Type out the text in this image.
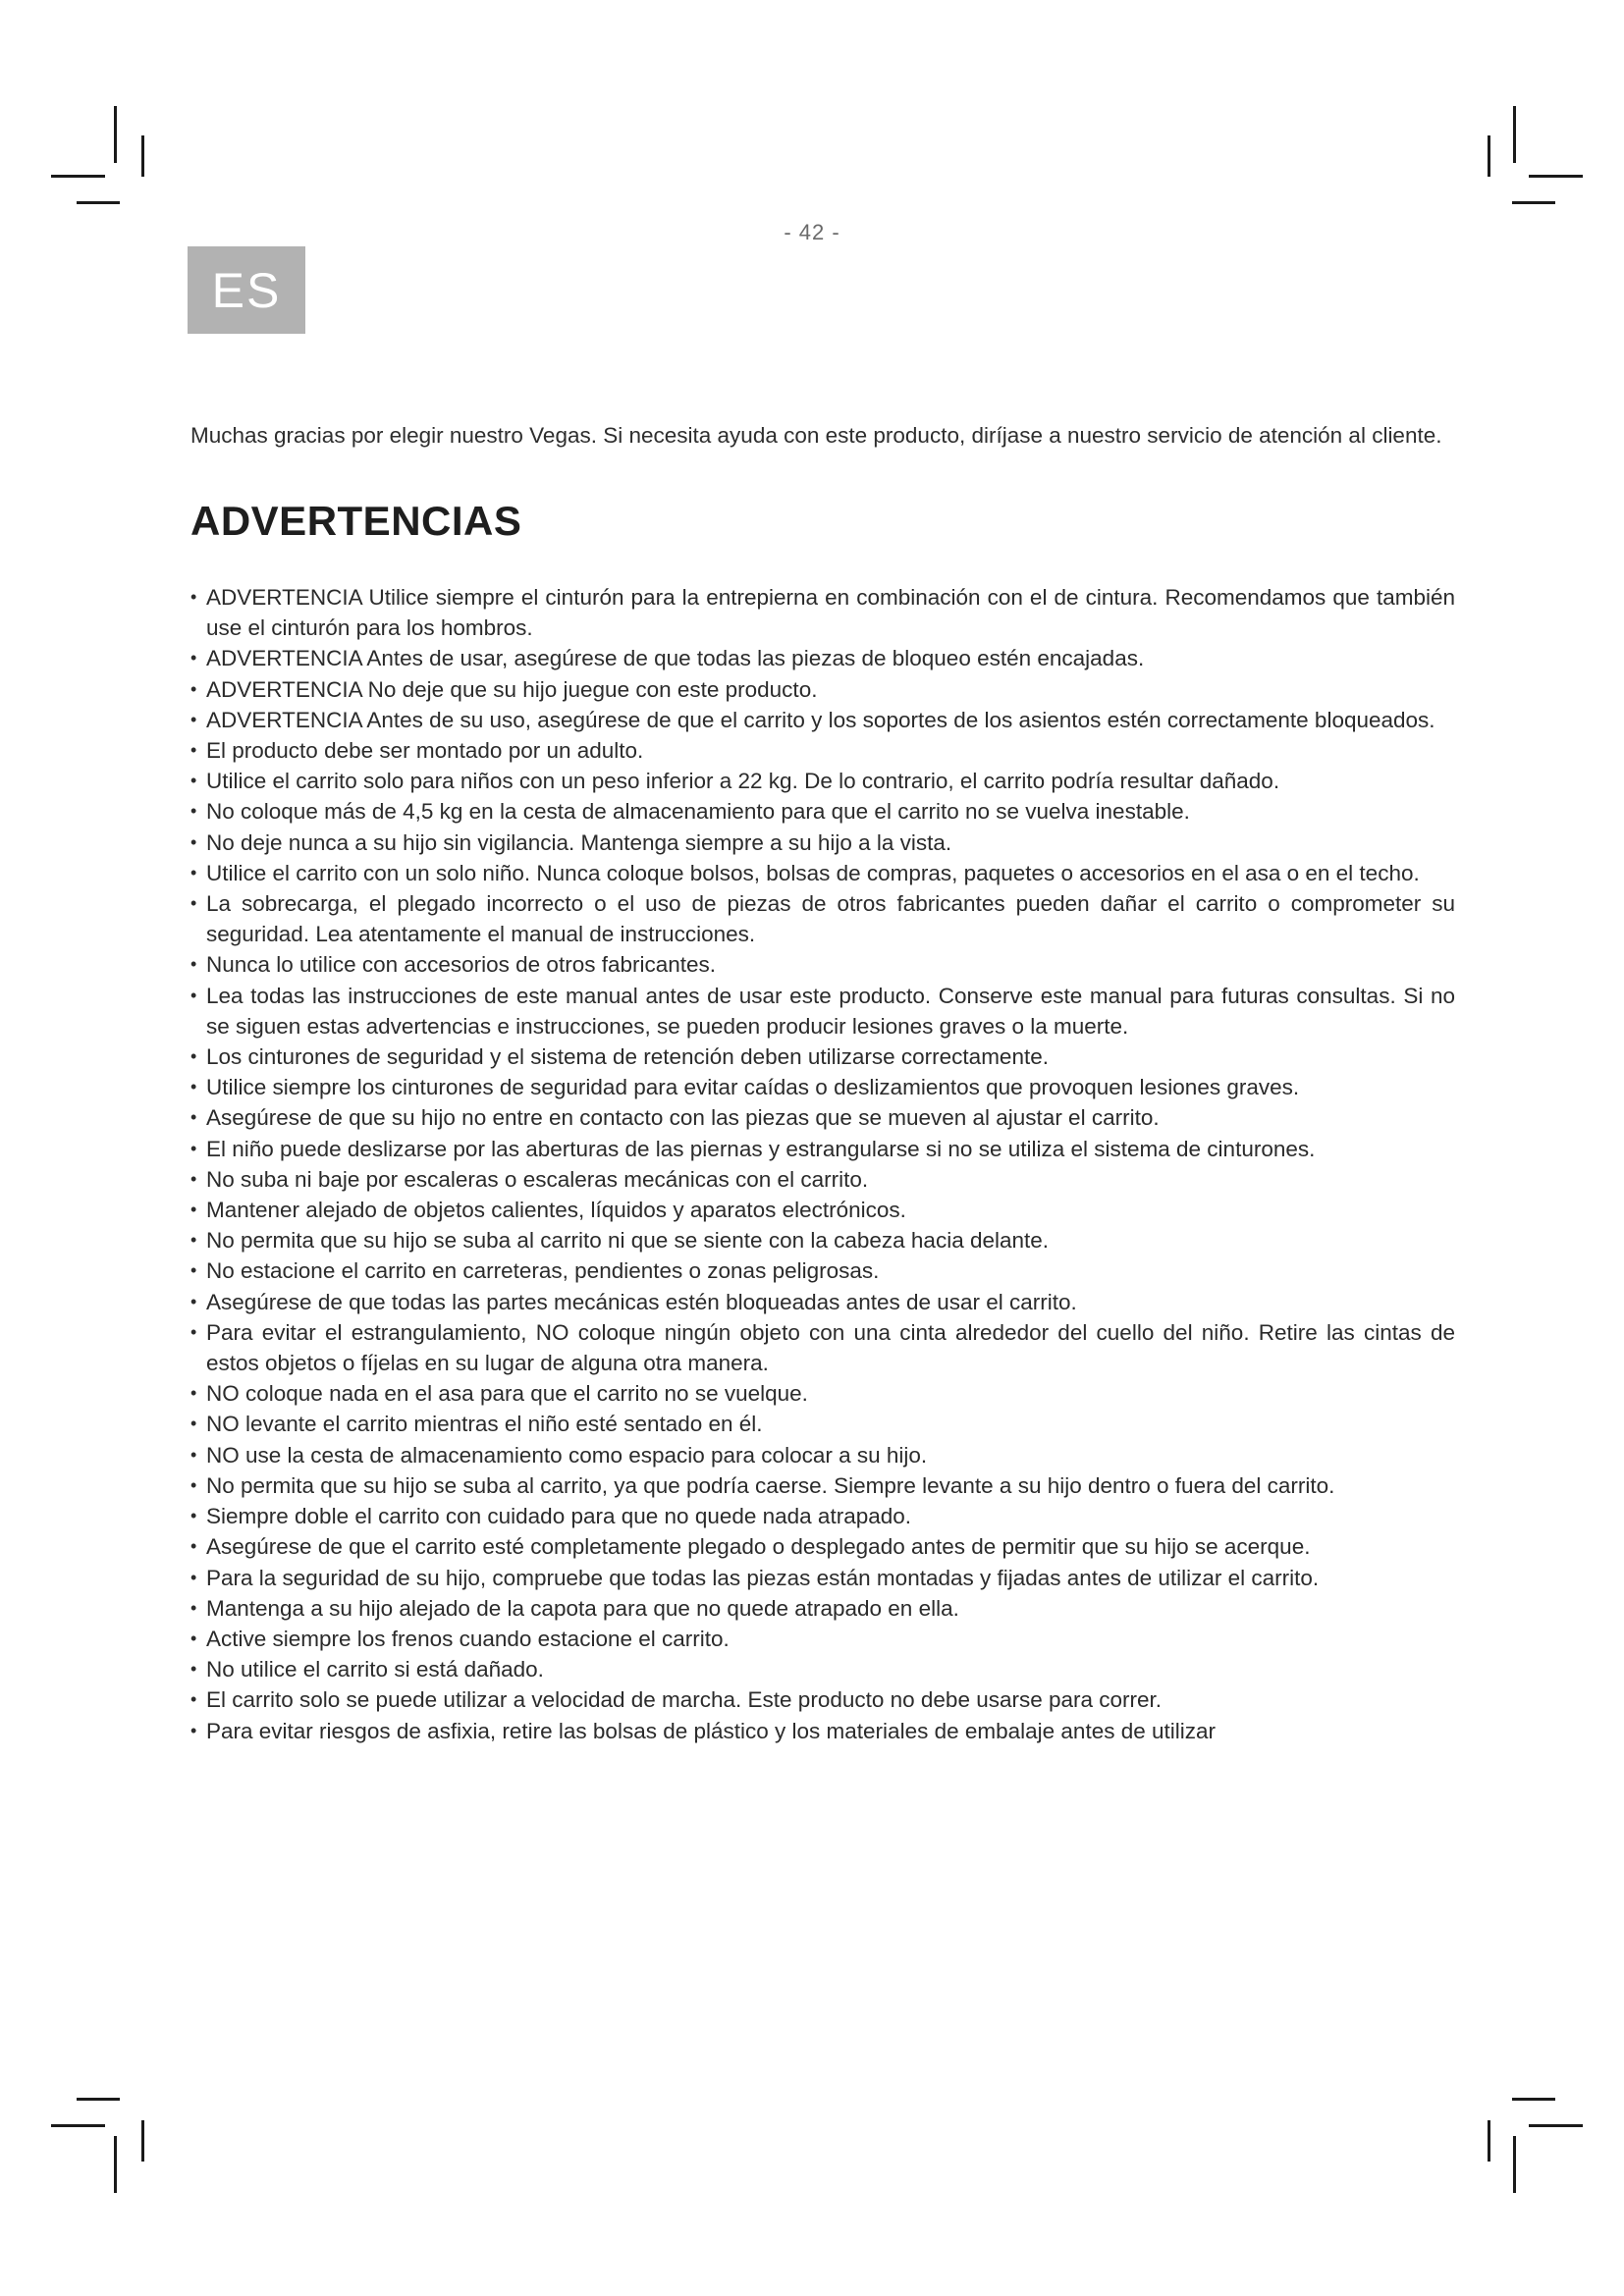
- 42 -
ES

Muchas gracias por elegir nuestro Vegas. Si necesita ayuda con este producto, diríjase a nuestro servicio de atención al cliente.

ADVERTENCIAS
• ADVERTENCIA Utilice siempre el cinturón para la entrepierna en combinación con el de cintura. Recomendamos que también use el cinturón para los hombros.
• ADVERTENCIA Antes de usar, asegúrese de que todas las piezas de bloqueo estén encajadas.
• ADVERTENCIA No deje que su hijo juegue con este producto.
• ADVERTENCIA Antes de su uso, asegúrese de que el carrito y los soportes de los asientos estén correctamente bloqueados.
• El producto debe ser montado por un adulto.
• Utilice el carrito solo para niños con un peso inferior a 22 kg. De lo contrario, el carrito podría resultar dañado.
• No coloque más de 4,5 kg en la cesta de almacenamiento para que el carrito no se vuelva inestable.
• No deje nunca a su hijo sin vigilancia. Mantenga siempre a su hijo a la vista.
• Utilice el carrito con un solo niño. Nunca coloque bolsos, bolsas de compras, paquetes o accesorios en el asa o en el techo.
• La sobrecarga, el plegado incorrecto o el uso de piezas de otros fabricantes pueden dañar el carrito o comprometer su seguridad. Lea atentamente el manual de instrucciones.
• Nunca lo utilice con accesorios de otros fabricantes.
• Lea todas las instrucciones de este manual antes de usar este producto. Conserve este manual para futuras consultas. Si no se siguen estas advertencias e instrucciones, se pueden producir lesiones graves o la muerte.
• Los cinturones de seguridad y el sistema de retención deben utilizarse correctamente.
• Utilice siempre los cinturones de seguridad para evitar caídas o deslizamientos que provoquen lesiones graves.
• Asegúrese de que su hijo no entre en contacto con las piezas que se mueven al ajustar el carrito.
• El niño puede deslizarse por las aberturas de las piernas y estrangularse si no se utiliza el sistema de cinturones.
• No suba ni baje por escaleras o escaleras mecánicas con el carrito.
• Mantener alejado de objetos calientes, líquidos y aparatos electrónicos.
• No permita que su hijo se suba al carrito ni que se siente con la cabeza hacia delante.
• No estacione el carrito en carreteras, pendientes o zonas peligrosas.
• Asegúrese de que todas las partes mecánicas estén bloqueadas antes de usar el carrito.
• Para evitar el estrangulamiento, NO coloque ningún objeto con una cinta alrededor del cuello del niño. Retire las cintas de estos objetos o fíjelas en su lugar de alguna otra manera.
• NO coloque nada en el asa para que el carrito no se vuelque.
• NO levante el carrito mientras el niño esté sentado en él.
• NO use la cesta de almacenamiento como espacio para colocar a su hijo.
• No permita que su hijo se suba al carrito, ya que podría caerse. Siempre levante a su hijo dentro o fuera del carrito.
• Siempre doble el carrito con cuidado para que no quede nada atrapado.
• Asegúrese de que el carrito esté completamente plegado o desplegado antes de permitir que su hijo se acerque.
• Para la seguridad de su hijo, compruebe que todas las piezas están montadas y fijadas antes de utilizar el carrito.
• Mantenga a su hijo alejado de la capota para que no quede atrapado en ella.
• Active siempre los frenos cuando estacione el carrito.
• No utilice el carrito si está dañado.
• El carrito solo se puede utilizar a velocidad de marcha. Este producto no debe usarse para correr.
• Para evitar riesgos de asfixia, retire las bolsas de plástico y los materiales de embalaje antes de utilizar
